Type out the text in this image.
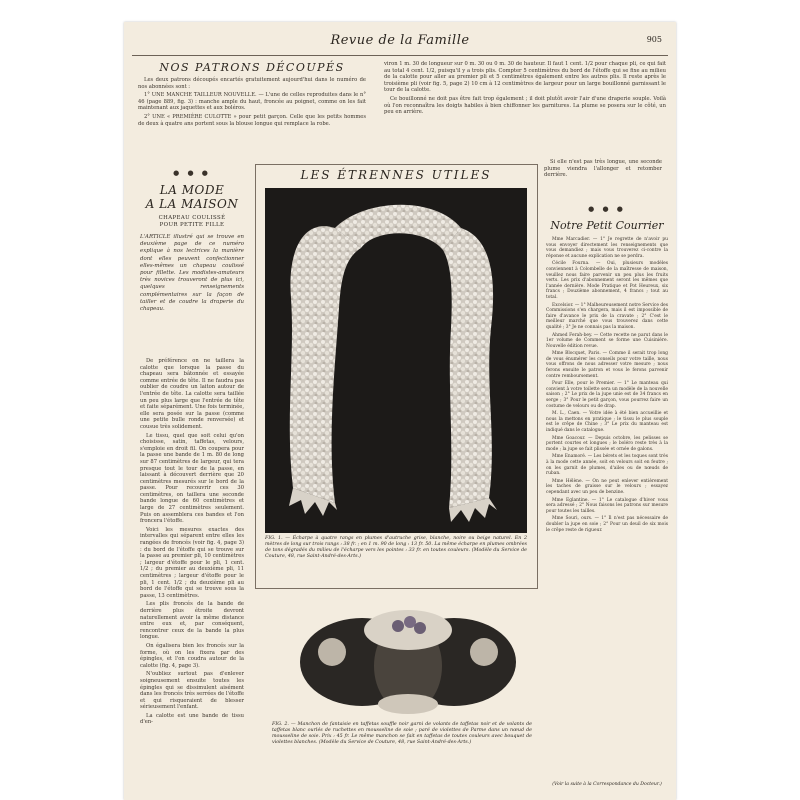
Revue de la Famille	905
NOS PATRONS DÉCOUPÉS

Les deux patrons découpés encartés gratuitement aujourd'hui dans le numéro de nos abonnées sont :

1° UNE MANCHE TAILLEUR NOUVELLE. — L'une de celles reproduites dans le n° 46 (page 889, fig. 3) : manche ample du haut, froncée au poignet, comme on les fait maintenant aux jaquettes et aux boléros.

2° UNE « PREMIÈRE CULOTTE » pour petit garçon. Celle que les petits hommes de deux à quatre ans portent sous la blouse longue qui remplace la robe.

● ● ●
LA MODE
A LA MAISON
CHAPEAU COULISSÉ
POUR PETITE FILLE
L'ARTICLE illustré qui se trouve en deuxième page de ce numéro explique à nos lectrices la manière dont elles peuvent confectionner elles-mêmes un chapeau coulissé pour fillette. Les modistes-amateurs très novices trouveront de plus ici, quelques renseignements complémentaires sur la façon de tailler et de coudre la draperie du chapeau.

De préférence on ne taillera la calotte que lorsque la passe du chapeau sera bâtonnée et essayée comme entrée de tête. Il ne faudra pas oublier de coudre un laiton autour de l'entrée de tête. La calotte sera taillée un peu plus large que l'entrée de tête et faite séparément. Une fois terminée, elle sera posée sur la passe (comme une petite bulle ronde renversée) et cousue très solidement.

Le tissu, quel que soit celui qu'on choisisse, satin, taffetas, velours, s'emploie en droit fil. On coupera pour la passe une bande de 1 m. 80 de long sur 87 centimètres de largeur, qui tera presque tout le tour de la passe, en laissant à découvert derrière que 20 centimètres mesurés sur le bord de la passe. Pour recouvrir ces 30 centimètres, on taillera une seconde bande longue de 60 centimètres et large de 27 centimètres seulement. Puis on assemblera ces bandes et l'on froncera l'étoffe.

Voici les mesures exactes des intervalles qui séparent entre elles les rangées de froncés (voir fig. 4, page 3) : du bord de l'étoffe qui se trouve sur la passe au premier pli, 10 centimètres ; largeur d'étoffe pour le pli, 1 cent. 1/2 ; du premier au deuxième pli, 11 centimètres ; largeur d'étoffe pour le pli, 1 cent. 1/2 ; du deuxième pli au bord de l'étoffe qui se trouve sous la passe, 13 centimètres.

Les plis froncés de la bande de derrière plus étroite devront naturellement avoir la même distance entre eux et, par conséquent, rencontrer ceux de la bande la plus longue.

On égalisera bien les froncés sur la forme, où on les fixera par des épingles, et l'on coudra autour de la calotte (fig. 4, page 3).

N'oubliez surtout pas d'enlever soigneusement ensuite toutes les épingles qui se dissimulent aisément dans les froncés très serrées de l'étoffe et qui risqueraient de blesser sérieusement l'enfant.

La calotte est une bande de tissu d'en-

viron 1 m. 30 de longueur sur 0 m. 30 ou 0 m. 30 de hauteur. Il faut 1 cent. 1/2 pour chaque pli, ce qui fait au total 4 cent. 1/2, puisqu'il y a trois plis. Compter 5 centimètres du bord de l'étoffe qui se fixe au milieu de la calotte pour aller au premier pli et 5 centimètres également entre les autres plis. Il reste après le troisième pli (voir fig. 5, page 2) 10 cm à 12 centimètres de largeur pour un large bouillonné garnissant le tour de la calotte.

Ce bouillonné ne doit pas être fait trop également ; il doit plutôt avoir l'air d'une draperie souple. Voilà où l'on reconnaîtra les doigts habiles à bien chiffonner les garnitures. La plume se posera sur le côté, un peu en arrière.

Si elle n'est pas très longue, une seconde plume viendra l'allonger et retomber derrière.

LES ÉTRENNES UTILES
FIG. 1. — Écharpe à quatre rangs en plumes d'autruche grise, blanche, noire ou beige naturel. En 2 mètres de long sur trois rangs : 38 fr. ; en 1 m. 90 de long : 13 fr. 50. La même écharpe en plumes ombrées de tons dégradés du milieu de l'écharpe vers les pointes : 33 fr. en toutes couleurs. (Modèle du Service de Couture, 48, rue Saint-André-des-Arts.)
FIG. 2. — Manchon de fantaisie en taffetas souffle noir garni de volants de taffetas noir et de volants de taffetas blanc ourlés de ruchettes en mousseline de soie ; paré de violettes de Parme dans un nœud de mousseline de soie. Prix : 45 fr. Le même manchon se fait en taffetas de toutes couleurs avec bouquet de violettes blanches. (Modèle du Service de Couture, 48, rue Saint-André-des-Arts.)
● ● ●
Notre Petit Courrier

Mme Marcadier. — 1° Je regrette de n'avoir pu vous envoyer directement les renseignements que vous demandiez ; mais vous trouverez ci-contre la réponse et aucune explication ne se perdra.

Cécile Fourna. — Oui, plusieurs modèles conviennent à Colombelle de la maîtresse de maison, veuillez nous faire parvenir un peu plus les fruits verts. Les prix d'abonnement seront les mêmes que l'année dernière. Mode Pratique et Pot Heureux, six francs ; Douzième abonnement, 4 francs ; tout au total.

Excelsior. — 1° Malheureusement notre Service des Commissions s'en chargera, mais il est impossible de faire d'avance le prix de la cravate ; 2° C'est le meilleur marché que vous trouverez dans cette qualité ; 3° Je ne connais pas la maison.

Ahmed Ferah-bey. — Cette recette ne parut dans le 1er volume de Comment se forme une Cuisinière. Nouvelle édition revue.

Mme Blocquet, Paris. — Comme il serait trop long de vous énumérer les conseils pour votre taille, nous vous offrons de nous adresser votre mesure ; nous ferons ensuite le patron et vous le ferons parvenir contre remboursement.

Pour Elle, pour le Premier. — 1° Le manteau qui convient à votre toilette sera un modèle de la nouvelle saison ; 2° Le prix de la jupe unie est de 34 francs en serge ; 3° Pour le petit garçon, vous pourrez faire un costume de velours ou de drap.

M. L., Caen. — Votre idée à été bien accueillie et nous la mettons en pratique ; le tissu le plus souple est le crêpe de Chine ; 3° Le prix du manteau est indiqué dans le catalogue.

Mme Goacour. — Depuis octobre, les pelisses se portent courtes et longues ; le boléro reste très à la mode ; la jupe se fait plissée et ornée de galons.

Mme Enamoré. — Les bérets et les toques sont très à la mode cette année, soit en velours soit en feutre ; on les garnit de plumes, d'ailes ou de nœuds de ruban.

Mme Hélène. — On ne peut enlever entièrement les taches de graisse sur le velours ; essayez cependant avec un peu de benzine.

Mme Eglantine. — 1° Le catalogue d'hiver vous sera adressé ; 2° Nous faisons les patrons sur mesure pour toutes les tailles.

Mme Souri, ours. — 1° Il n'est pas nécessaire de doubler la jupe en soie ; 2° Pour un deuil de six mois le crêpe reste de rigueur.

(Voir la suite à la Correspondance du Docteur.)
